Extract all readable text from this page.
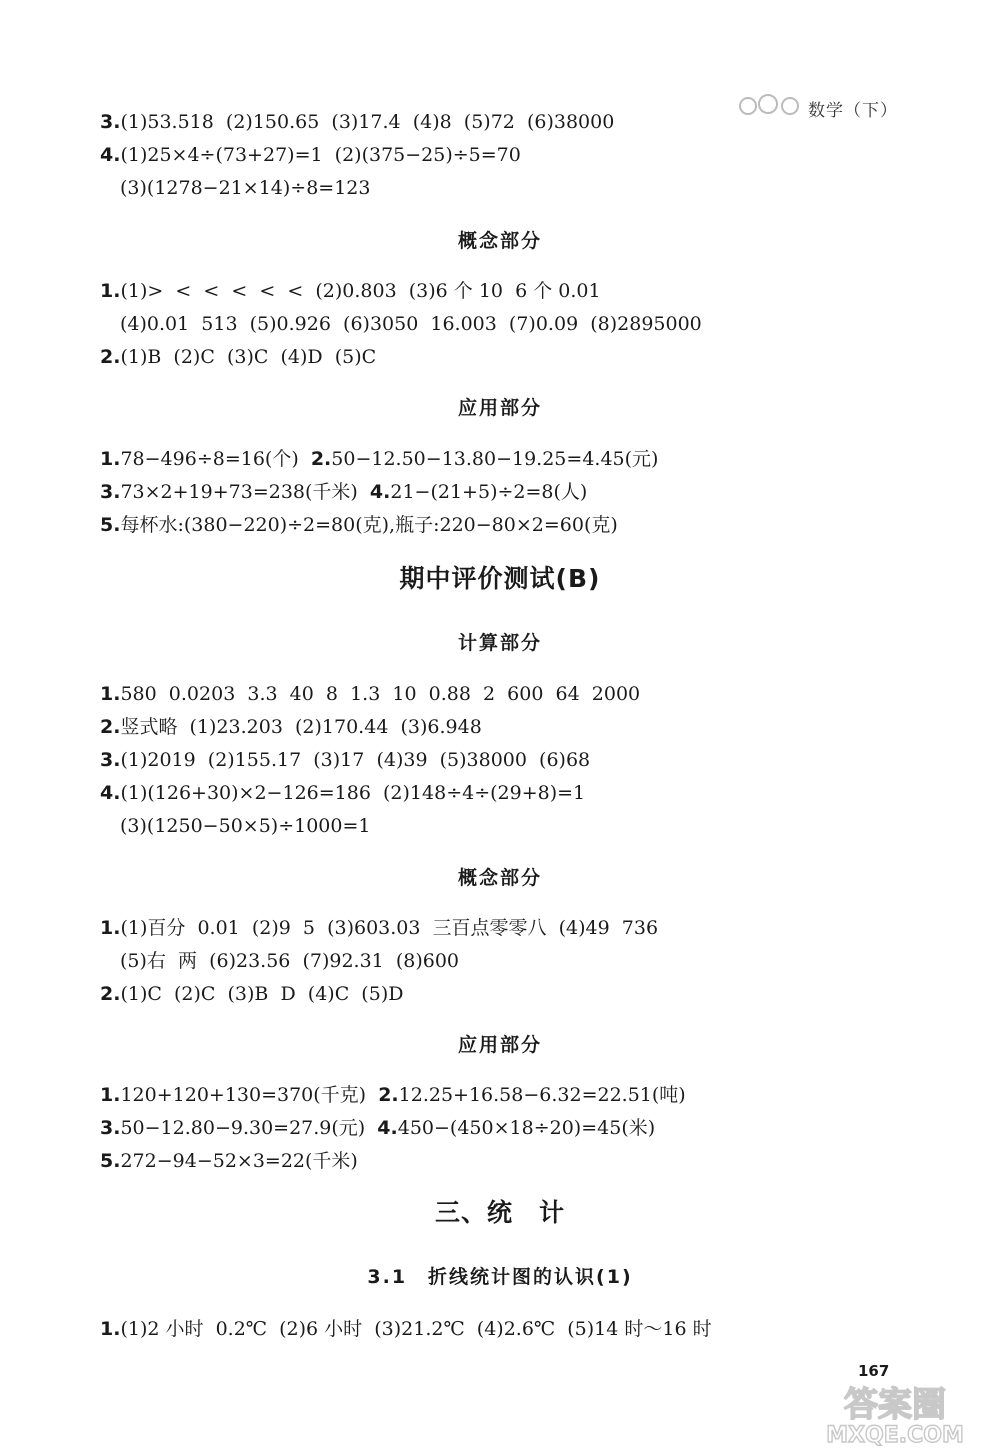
数学（下）
3.(1)53.518  (2)150.65  (3)17.4  (4)8  (5)72  (6)38000
4.(1)25×4÷(73+27)=1  (2)(375−25)÷5=70
(3)(1278−21×14)÷8=123
概念部分
1.(1)>  <  <  <  <  <  (2)0.803  (3)6 个 10  6 个 0.01
(4)0.01  513  (5)0.926  (6)3050  16.003  (7)0.09  (8)2895000
2.(1)B  (2)C  (3)C  (4)D  (5)C
应用部分
1.78−496÷8=16(个)  2.50−12.50−13.80−19.25=4.45(元)
3.73×2+19+73=238(千米)  4.21−(21+5)÷2=8(人)
5.每杯水:(380−220)÷2=80(克),瓶子:220−80×2=60(克)
期中评价测试(B)
计算部分
1.580  0.0203  3.3  40  8  1.3  10  0.88  2  600  64  2000
2.竖式略  (1)23.203  (2)170.44  (3)6.948
3.(1)2019  (2)155.17  (3)17  (4)39  (5)38000  (6)68
4.(1)(126+30)×2−126=186  (2)148÷4÷(29+8)=1
(3)(1250−50×5)÷1000=1
概念部分
1.(1)百分  0.01  (2)9  5  (3)603.03  三百点零零八  (4)49  736
(5)右  两  (6)23.56  (7)92.31  (8)600
2.(1)C  (2)C  (3)B  D  (4)C  (5)D
应用部分
1.120+120+130=370(千克)  2.12.25+16.58−6.32=22.51(吨)
3.50−12.80−9.30=27.9(元)  4.450−(450×18÷20)=45(米)
5.272−94−52×3=22(千米)
三、统　计
3.1　折线统计图的认识(1)
1.(1)2 小时  0.2℃  (2)6 小时  (3)21.2℃  (4)2.6℃  (5)14 时～16 时
167
答案圈
MXQE.COM
